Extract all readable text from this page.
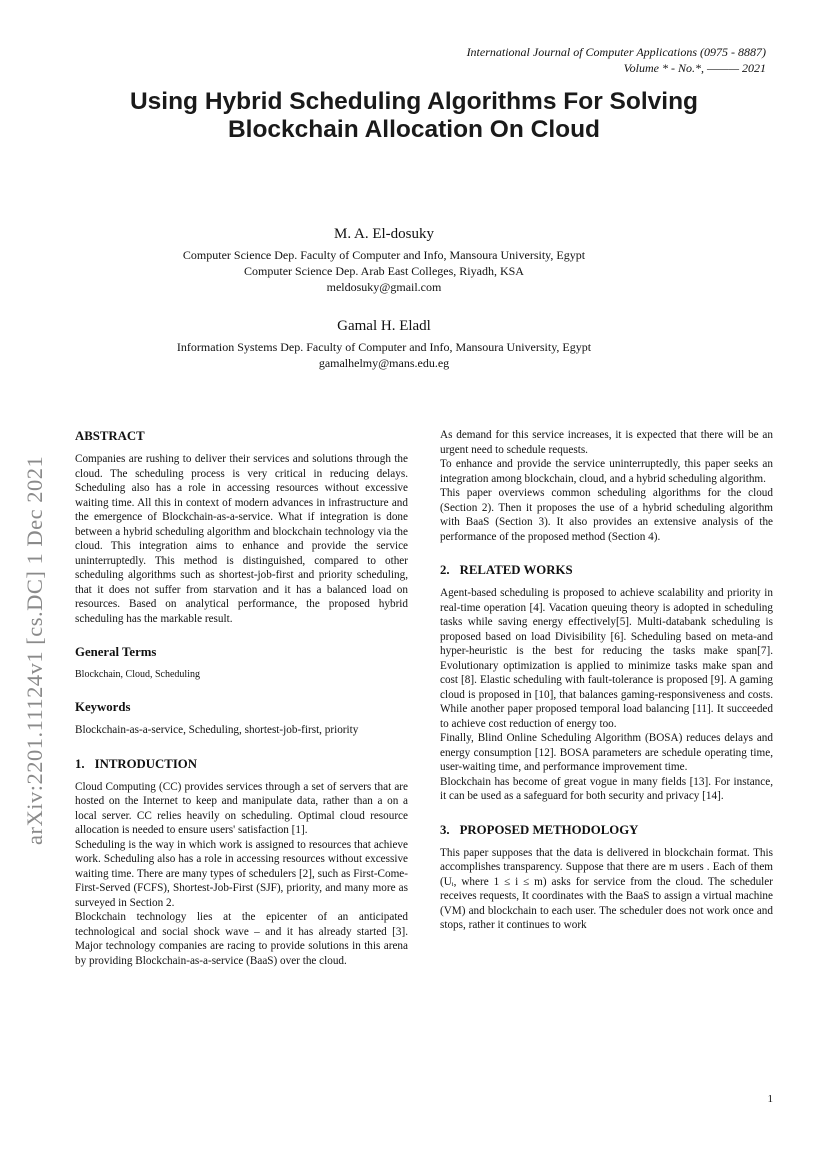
International Journal of Computer Applications (0975 - 8887)
Volume * - No.*, ——— 2021
Using Hybrid Scheduling Algorithms For Solving
Blockchain Allocation On Cloud
M. A. El-dosuky
Computer Science Dep. Faculty of Computer and Info, Mansoura University, Egypt
Computer Science Dep. Arab East Colleges, Riyadh, KSA
meldosuky@gmail.com
Gamal H. Eladl
Information Systems Dep. Faculty of Computer and Info, Mansoura University, Egypt
gamalhelmy@mans.edu.eg
arXiv:2201.11124v1 [cs.DC] 1 Dec 2021
ABSTRACT

Companies are rushing to deliver their services and solutions through the cloud. The scheduling process is very critical in reducing delays. Scheduling also has a role in accessing resources without excessive waiting time. All this in context of modern advances in infrastructure and the emergence of Blockchain-as-a-service. What if integration is done between a hybrid scheduling algorithm and blockchain technology via the cloud. This integration aims to enhance and provide the service uninterruptedly. This method is distinguished, compared to other scheduling algorithms such as shortest-job-first and priority scheduling, that it does not suffer from starvation and it has a balanced load on resources. Based on analytical performance, the proposed hybrid scheduling has the markable result.

General Terms

Blockchain, Cloud, Scheduling

Keywords

Blockchain-as-a-service, Scheduling, shortest-job-first, priority

1. INTRODUCTION

Cloud Computing (CC) provides services through a set of servers that are hosted on the Internet to keep and manipulate data, rather than a on a local server. CC relies heavily on scheduling. Optimal cloud resource allocation is needed to ensure users' satisfaction [1].

Scheduling is the way in which work is assigned to resources that achieve work. Scheduling also has a role in accessing resources without excessive waiting time. There are many types of schedulers [2], such as First-Come-First-Served (FCFS), Shortest-Job-First (SJF), priority, and many more as surveyed in Section 2.

Blockchain technology lies at the epicenter of an anticipated technological and social shock wave – and it has already started [3]. Major technology companies are racing to provide solutions in this arena by providing Blockchain-as-a-service (BaaS) over the cloud.

As demand for this service increases, it is expected that there will be an urgent need to schedule requests.

To enhance and provide the service uninterruptedly, this paper seeks an integration among blockchain, cloud, and a hybrid scheduling algorithm.

This paper overviews common scheduling algorithms for the cloud (Section 2). Then it proposes the use of a hybrid scheduling algorithm with BaaS (Section 3). It also provides an extensive analysis of the performance of the proposed method (Section 4).

2. RELATED WORKS

Agent-based scheduling is proposed to achieve scalability and priority in real-time operation [4]. Vacation queuing theory is adopted in scheduling tasks while saving energy effectively[5]. Multi-databank scheduling is proposed based on load Divisibility [6]. Scheduling based on meta-and hyper-heuristic is the best for reducing the tasks make span[7]. Evolutionary optimization is applied to minimize tasks make span and cost [8]. Elastic scheduling with fault-tolerance is proposed [9]. A gaming cloud is proposed in [10], that balances gaming-responsiveness and costs. While another paper proposed temporal load balancing [11]. It succeeded to achieve cost reduction of energy too.

Finally, Blind Online Scheduling Algorithm (BOSA) reduces delays and energy consumption [12]. BOSA parameters are schedule operating time, user-waiting time, and performance improvement time.

Blockchain has become of great vogue in many fields [13]. For instance, it can be used as a safeguard for both security and privacy [14].

3. PROPOSED METHODOLOGY

This paper supposes that the data is delivered in blockchain format. This accomplishes transparency. Suppose that there are m users . Each of them (Uᵢ, where 1 ≤ i ≤ m) asks for service from the cloud. The scheduler receives requests, It coordinates with the BaaS to assign a virtual machine (VM) and blockchain to each user. The scheduler does not work once and stops, rather it continues to work

1
